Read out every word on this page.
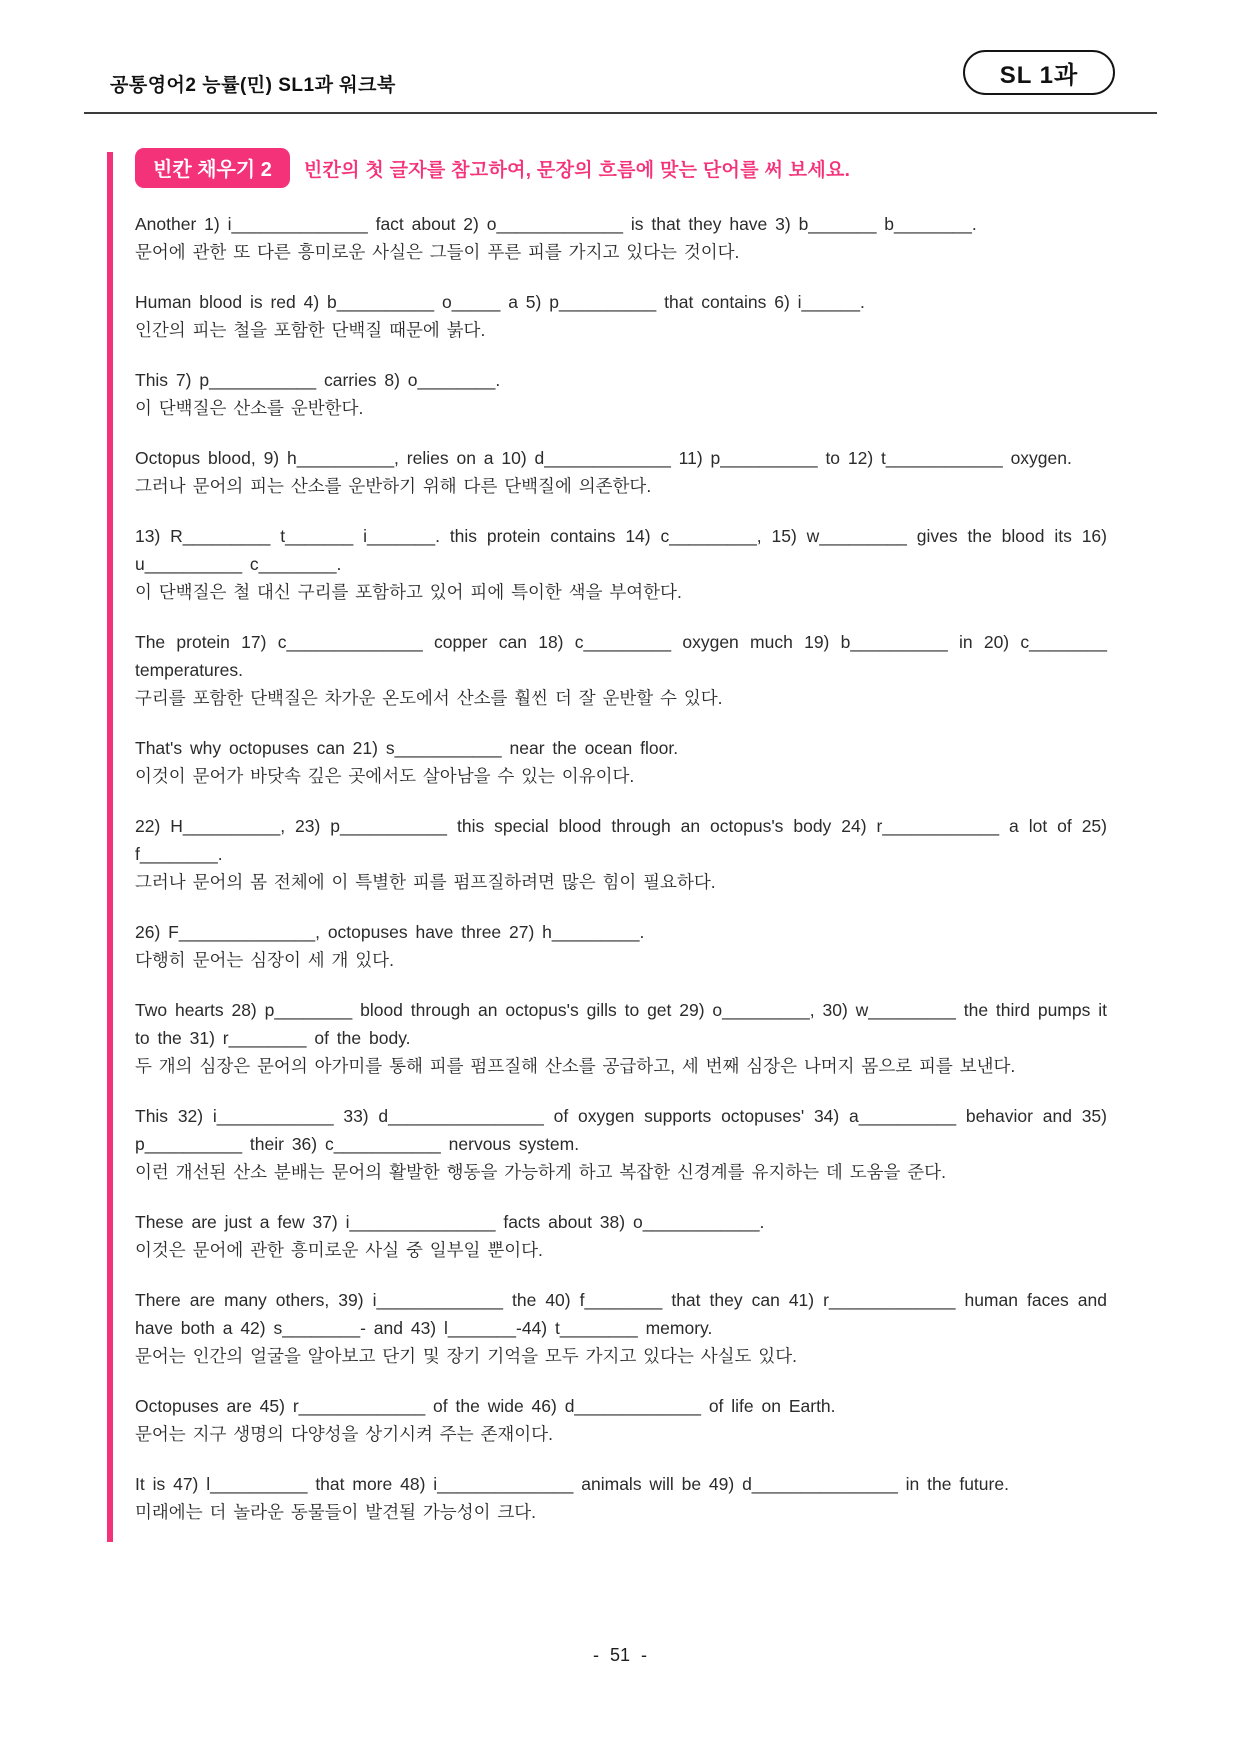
공통영어2 능률(민) SL1과 워크북	SL 1과
빈칸 채우기 2	빈칸의 첫 글자를 참고하여, 문장의 흐름에 맞는 단어를 써 보세요.
Another 1) i______________ fact about 2) o_____________ is that they have 3) b_______ b________.
문어에 관한 또 다른 흥미로운 사실은 그들이 푸른 피를 가지고 있다는 것이다.
Human blood is red 4) b__________ o_____ a 5) p__________ that contains 6) i______.
인간의 피는 철을 포함한 단백질 때문에 붉다.
This 7) p___________ carries 8) o________.
이 단백질은 산소를 운반한다.
Octopus blood, 9) h__________, relies on a 10) d_____________ 11) p__________ to 12) t____________ oxygen.
그러나 문어의 피는 산소를 운반하기 위해 다른 단백질에 의존한다.
13) R_________ t_______ i_______. this protein contains 14) c_________, 15) w_________ gives the blood its 16) u__________ c________.
이 단백질은 철 대신 구리를 포함하고 있어 피에 특이한 색을 부여한다.
The protein 17) c______________ copper can 18) c_________ oxygen much 19) b__________ in 20) c________ temperatures.
구리를 포함한 단백질은 차가운 온도에서 산소를 훨씬 더 잘 운반할 수 있다.
That's why octopuses can 21) s___________ near the ocean floor.
이것이 문어가 바닷속 깊은 곳에서도 살아남을 수 있는 이유이다.
22) H__________, 23) p___________ this special blood through an octopus's body 24) r____________ a lot of 25) f________.
그러나 문어의 몸 전체에 이 특별한 피를 펌프질하려면 많은 힘이 필요하다.
26) F______________, octopuses have three 27) h_________.
다행히 문어는 심장이 세 개 있다.
Two hearts 28) p________ blood through an octopus's gills to get 29) o_________, 30) w_________ the third pumps it to the 31) r________ of the body.
두 개의 심장은 문어의 아가미를 통해 피를 펌프질해 산소를 공급하고, 세 번째 심장은 나머지 몸으로 피를 보낸다.
This 32) i____________ 33) d________________ of oxygen supports octopuses' 34) a__________ behavior and 35) p__________ their 36) c___________ nervous system.
이런 개선된 산소 분배는 문어의 활발한 행동을 가능하게 하고 복잡한 신경계를 유지하는 데 도움을 준다.
These are just a few 37) i_______________ facts about 38) o____________.
이것은 문어에 관한 흥미로운 사실 중 일부일 뿐이다.
There are many others, 39) i_____________ the 40) f________ that they can 41) r_____________ human faces and have both a 42) s________- and 43) l_______-44) t________ memory.
문어는 인간의 얼굴을 알아보고 단기 및 장기 기억을 모두 가지고 있다는 사실도 있다.
Octopuses are 45) r_____________ of the wide 46) d_____________ of life on Earth.
문어는 지구 생명의 다양성을 상기시켜 주는 존재이다.
It is 47) l__________ that more 48) i______________ animals will be 49) d_______________ in the future.
미래에는 더 놀라운 동물들이 발견될 가능성이 크다.
- 51 -
